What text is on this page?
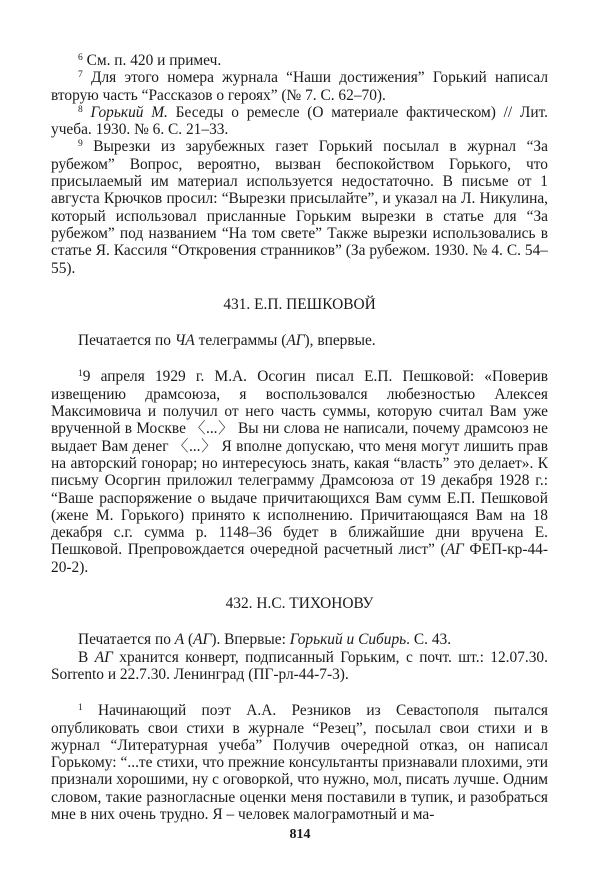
$^6$ См. п. 420 и примеч.

$^7$ Для этого номера журнала “Наши достижения” Горький написал вторую часть “Рассказов о героях” (№ 7. С. 62–70).

$^8$ Горький М. Беседы о ремесле (О материале фактическом) // Лит. учеба. 1930. № 6. С. 21–33.

$^9$ Вырезки из зарубежных газет Горький посылал в журнал “За рубежом” Вопрос, вероятно, вызван беспокойством Горького, что присылаемый им материал используется недостаточно. В письме от 1 августа Крючков просил: “Вырезки присылайте”, и указал на Л. Никулина, который использовал присланные Горьким вырезки в статье для “За рубежом” под названием “На том свете” Также вырезки использовались в статье Я. Кассиля “Откровения странников” (За рубежом. 1930. № 4. С. 54–55).

431. Е.П. ПЕШКОВОЙ

Печатается по ЧА телеграммы (АГ), впервые.

$^1$9 апреля 1929 г. М.А. Осогин писал Е.П. Пешковой: «Поверив извещению драмсоюза, я воспользовался любезностью Алексея Максимовича и получил от него часть суммы, которую считал Вам уже врученной в Москве 〈...〉 Вы ни слова не написали, почему драмсоюз не выдает Вам денег 〈...〉 Я вполне допускаю, что меня могут лишить прав на авторский гонорар; но интересуюсь знать, какая “власть” это делает». К письму Осоргин приложил телеграмму Драмсоюза от 19 декабря 1928 г.: “Ваше распоряжение о выдаче причитающихся Вам сумм Е.П. Пешковой (жене М. Горького) принято к исполнению. Причитающаяся Вам на 18 декабря с.г. сумма р. 1148–36 будет в ближайшие дни вручена Е. Пешковой. Препровождается очередной расчетный лист” (АГ ФЕП-кр-44-20-2).

432. Н.С. ТИХОНОВУ

Печатается по А (АГ). Впервые: Горький и Сибирь. С. 43.

В АГ хранится конверт, подписанный Горьким, с почт. шт.: 12.07.30. Sorrento и 22.7.30. Ленинград (ПГ-рл-44-7-3).

$^1$ Начинающий поэт А.А. Резников из Севастополя пытался опубликовать свои стихи в журнале “Резец”, посылал свои стихи и в журнал “Литературная учеба” Получив очередной отказ, он написал Горькому: “...те стихи, что прежние консультанты признавали плохими, эти признали хорошими, ну с оговоркой, что нужно, мол, писать лучше. Одним словом, такие разногласные оценки меня поставили в тупик, и разобраться мне в них очень трудно. Я – человек малограмотный и ма-

814
